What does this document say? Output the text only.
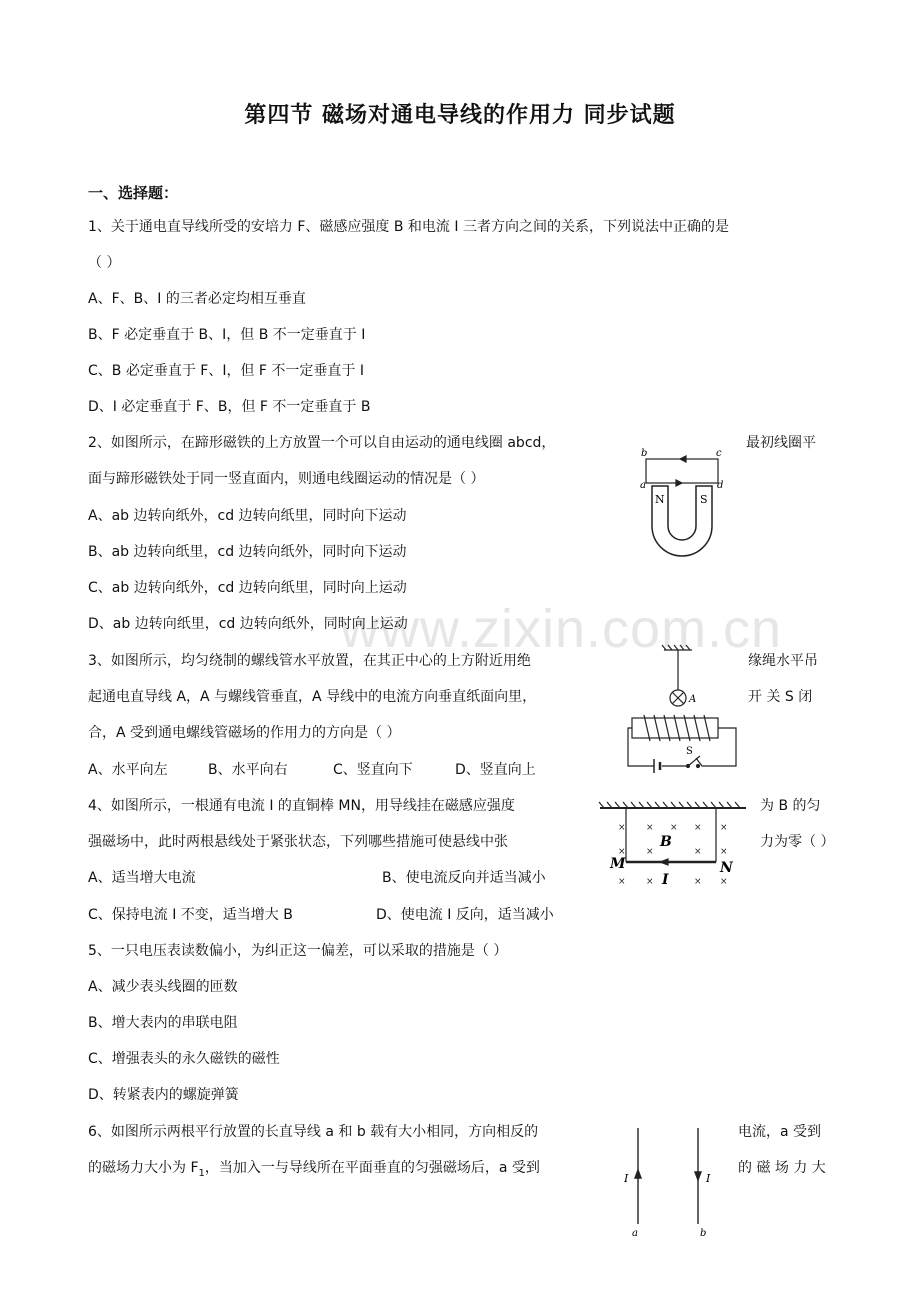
www.zixin.com.cn
第四节 磁场对通电导线的作用力 同步试题
一、选择题：
1、关于通电直导线所受的安培力 F、磁感应强度 B 和电流 I 三者方向之间的关系，下列说法中正确的是
（ ）
A、F、B、I 的三者必定均相互垂直
B、F 必定垂直于 B、I，但 B 不一定垂直于 I
C、B 必定垂直于 F、I，但 F 不一定垂直于 I
D、I 必定垂直于 F、B，但 F 不一定垂直于 B
2、如图所示，在蹄形磁铁的上方放置一个可以自由运动的通电线圈 abcd，	最初线圈平
面与蹄形磁铁处于同一竖直面内，则通电线圈运动的情况是（ ）
A、ab 边转向纸外，cd 边转向纸里，同时向下运动
B、ab 边转向纸里，cd 边转向纸外，同时向下运动
C、ab 边转向纸外，cd 边转向纸里，同时向上运动
D、ab 边转向纸里，cd 边转向纸外，同时向上运动
b	c
a	d
N	S
3、如图所示，均匀绕制的螺线管水平放置，在其正中心的上方附近用绝	缘绳水平吊
起通电直导线 A，A 与螺线管垂直，A 导线中的电流方向垂直纸面向里，	开 关 S 闭
合，A 受到通电螺线管磁场的作用力的方向是（ ）
A、水平向左	B、水平向右	C、竖直向下	D、竖直向上
A
S
4、如图所示，一根通有电流 I 的直铜棒 MN，用导线挂在磁感应强度	为 B 的匀
强磁场中，此时两根悬线处于紧张状态，下列哪些措施可使悬线中张	力为零（ ）
A、适当增大电流	B、使电流反向并适当减小
C、保持电流 I 不变，适当增大 B	D、使电流 I 反向，适当减小
× × × × ×
× ×	× ×
× ×	× ×
B
M	N
I
5、一只电压表读数偏小，为纠正这一偏差，可以采取的措施是（ ）
A、减少表头线圈的匝数
B、增大表内的串联电阻
C、增强表头的永久磁铁的磁性
D、转紧表内的螺旋弹簧
6、如图所示两根平行放置的长直导线 a 和 b 载有大小相同，方向相反的	电流，a 受到
的磁场力大小为 $F_1$，当加入一与导线所在平面垂直的匀强磁场后，a 受到	的 磁 场 力 大
I	I
a	b
